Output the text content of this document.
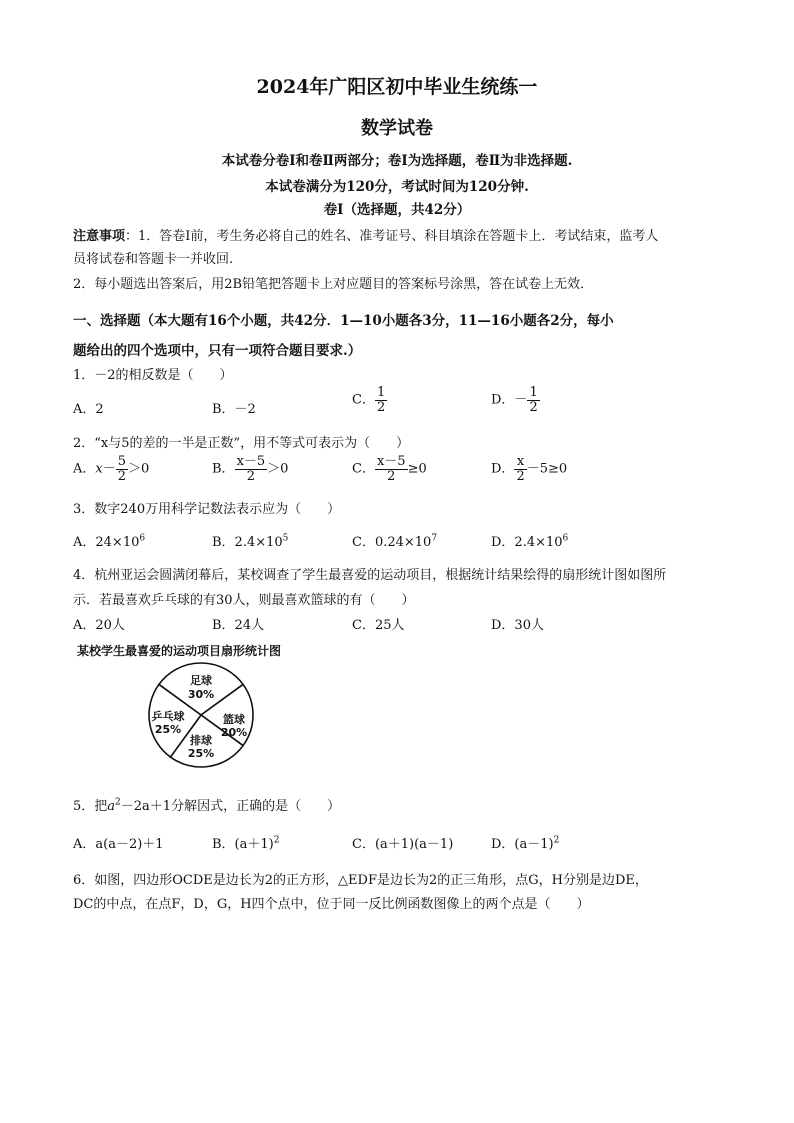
2024年广阳区初中毕业生统练一
数学试卷
本试卷分卷Ⅰ和卷Ⅱ两部分；卷Ⅰ为选择题，卷Ⅱ为非选择题.
本试卷满分为120分，考试时间为120分钟.
卷Ⅰ（选择题，共42分）
注意事项：1．答卷Ⅰ前，考生务必将自己的姓名、准考证号、科目填涂在答题卡上．考试结束，监考人
员将试卷和答题卡一并收回.
2．每小题选出答案后，用2B铅笔把答题卡上对应题目的答案标号涂黑，答在试卷上无效．
一、选择题（本大题有16个小题，共42分．1—10小题各3分，11—16小题各2分，每小
题给出的四个选项中，只有一项符合题目要求.）
1．－2的相反数是（　　）
A．2	B．－2
C． $\frac{1}{2}$	D．－ $\frac{1}{2}$
2．“x与5的差的一半是正数”，用不等式可表示为（　　）
A．$x- \frac{5}{2} >0$	B． $\frac{x-5}{2} >0$	C． $\frac{x-5}{2} \ge 0$	D． $\frac{x}{2} -5\ge 0$
3．数字240万用科学记数法表示应为（　　）
A．$24\times 10^6$	B．$2.4\times 10^5$	C．$0.24\times 10^7$	D．$2.4\times 10^6$
4．杭州亚运会圆满闭幕后，某校调查了学生最喜爱的运动项目，根据统计结果绘得的扇形统计图如图所
示．若最喜欢乒乓球的有30人，则最喜欢篮球的有（　　）
A．20人	B．24人	C．25人	D．30人
某校学生最喜爱的运动项目扇形统计图
足球
30%
篮球
20%
排球
25%
乒乓球
25%
5．把$a^2-2a+1$分解因式，正确的是（　　）
A．a(a－2)＋1	B．$(a+1)^2$	C．(a＋1)(a－1)	D．$(a-1)^2$
6．如图，四边形OCDE是边长为2的正方形，△EDF是边长为2的正三角形，点G，H分别是边DE，
DC的中点，在点F，D，G，H四个点中，位于同一反比例函数图像上的两个点是（　　）
